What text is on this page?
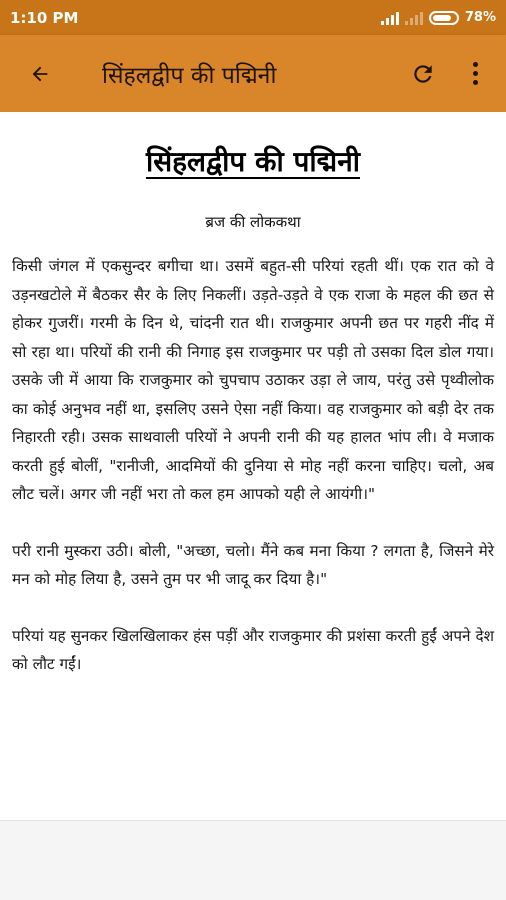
1:10 PM	78%
सिंहलद्वीप की पद्मिनी
सिंहलद्वीप की पद्मिनी
ब्रज की लोककथा

किसी जंगल में एकसुन्दर बगीचा था। उसमें बहुत-सी परियां रहती थीं। एक रात को वे उड़नखटोले में बैठकर सैर के लिए निकलीं। उड़ते-उड़ते वे एक राजा के महल की छत से होकर गुजरीं। गरमी के दिन थे, चांदनी रात थी। राजकुमार अपनी छत पर गहरी नींद में सो रहा था। परियों की रानी की निगाह इस राजकुमार पर पड़ी तो उसका दिल डोल गया। उसके जी में आया कि राजकुमार को चुपचाप उठाकर उड़ा ले जाय, परंतु उसे पृथ्वीलोक का कोई अनुभव नहीं था, इसलिए उसने ऐसा नहीं किया। वह राजकुमार को बड़ी देर तक निहारती रही। उसक साथवाली परियों ने अपनी रानी की यह हालत भांप ली। वे मजाक करती हुई बोलीं, "रानीजी, आदमियों की दुनिया से मोह नहीं करना चाहिए। चलो, अब लौट चलें। अगर जी नहीं भरा तो कल हम आपको यही ले आयंगी।"

परी रानी मुस्करा उठी। बोली, "अच्छा, चलो। मैंने कब मना किया ? लगता है, जिसने मेरे मन को मोह लिया है, उसने तुम पर भी जादू कर दिया है।"

परियां यह सुनकर खिलखिलाकर हंस पड़ीं और राजकुमार की प्रशंसा करती हुईं अपने देश को लौट गईं।
